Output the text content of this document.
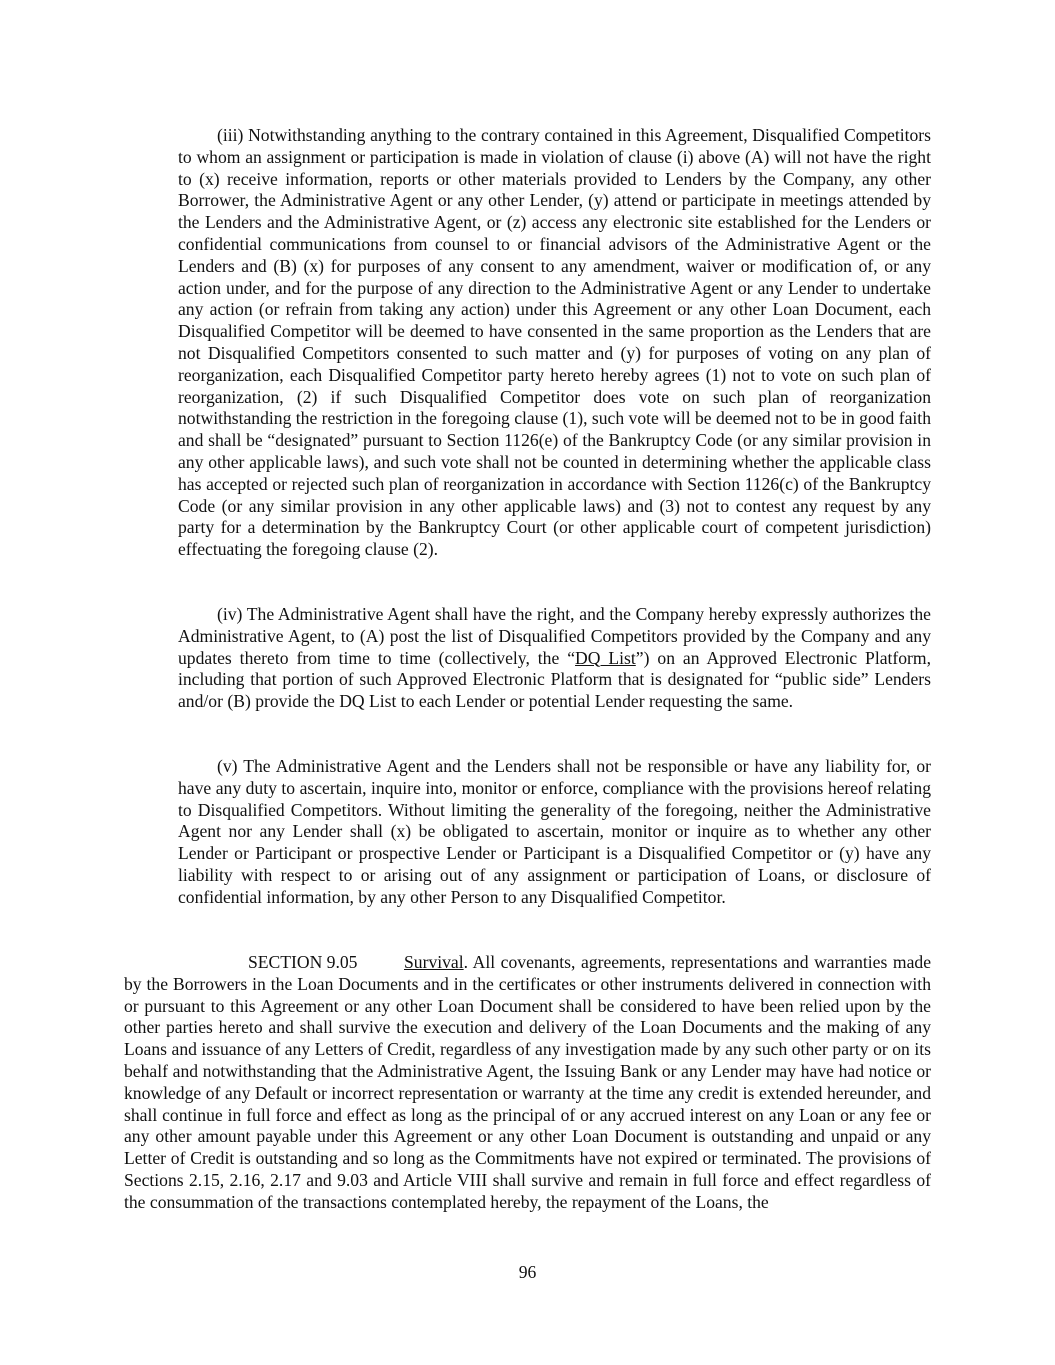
(iii) Notwithstanding anything to the contrary contained in this Agreement, Disqualified Competitors to whom an assignment or participation is made in violation of clause (i) above (A) will not have the right to (x) receive information, reports or other materials provided to Lenders by the Company, any other Borrower, the Administrative Agent or any other Lender, (y) attend or participate in meetings attended by the Lenders and the Administrative Agent, or (z) access any electronic site established for the Lenders or confidential communications from counsel to or financial advisors of the Administrative Agent or the Lenders and (B) (x) for purposes of any consent to any amendment, waiver or modification of, or any action under, and for the purpose of any direction to the Administrative Agent or any Lender to undertake any action (or refrain from taking any action) under this Agreement or any other Loan Document, each Disqualified Competitor will be deemed to have consented in the same proportion as the Lenders that are not Disqualified Competitors consented to such matter and (y) for purposes of voting on any plan of reorganization, each Disqualified Competitor party hereto hereby agrees (1) not to vote on such plan of reorganization, (2) if such Disqualified Competitor does vote on such plan of reorganization notwithstanding the restriction in the foregoing clause (1), such vote will be deemed not to be in good faith and shall be “designated” pursuant to Section 1126(e) of the Bankruptcy Code (or any similar provision in any other applicable laws), and such vote shall not be counted in determining whether the applicable class has accepted or rejected such plan of reorganization in accordance with Section 1126(c) of the Bankruptcy Code (or any similar provision in any other applicable laws) and (3) not to contest any request by any party for a determination by the Bankruptcy Court (or other applicable court of competent jurisdiction) effectuating the foregoing clause (2).

(iv) The Administrative Agent shall have the right, and the Company hereby expressly authorizes the Administrative Agent, to (A) post the list of Disqualified Competitors provided by the Company and any updates thereto from time to time (collectively, the “DQ List”) on an Approved Electronic Platform, including that portion of such Approved Electronic Platform that is designated for “public side” Lenders and/or (B) provide the DQ List to each Lender or potential Lender requesting the same.

(v) The Administrative Agent and the Lenders shall not be responsible or have any liability for, or have any duty to ascertain, inquire into, monitor or enforce, compliance with the provisions hereof relating to Disqualified Competitors. Without limiting the generality of the foregoing, neither the Administrative Agent nor any Lender shall (x) be obligated to ascertain, monitor or inquire as to whether any other Lender or Participant or prospective Lender or Participant is a Disqualified Competitor or (y) have any liability with respect to or arising out of any assignment or participation of Loans, or disclosure of confidential information, by any other Person to any Disqualified Competitor.

SECTION 9.05	Survival. All covenants, agreements, representations and warranties made by the Borrowers in the Loan Documents and in the certificates or other instruments delivered in connection with or pursuant to this Agreement or any other Loan Document shall be considered to have been relied upon by the other parties hereto and shall survive the execution and delivery of the Loan Documents and the making of any Loans and issuance of any Letters of Credit, regardless of any investigation made by any such other party or on its behalf and notwithstanding that the Administrative Agent, the Issuing Bank or any Lender may have had notice or knowledge of any Default or incorrect representation or warranty at the time any credit is extended hereunder, and shall continue in full force and effect as long as the principal of or any accrued interest on any Loan or any fee or any other amount payable under this Agreement or any other Loan Document is outstanding and unpaid or any Letter of Credit is outstanding and so long as the Commitments have not expired or terminated. The provisions of Sections 2.15, 2.16, 2.17 and 9.03 and Article VIII shall survive and remain in full force and effect regardless of the consummation of the transactions contemplated hereby, the repayment of the Loans, the

96
